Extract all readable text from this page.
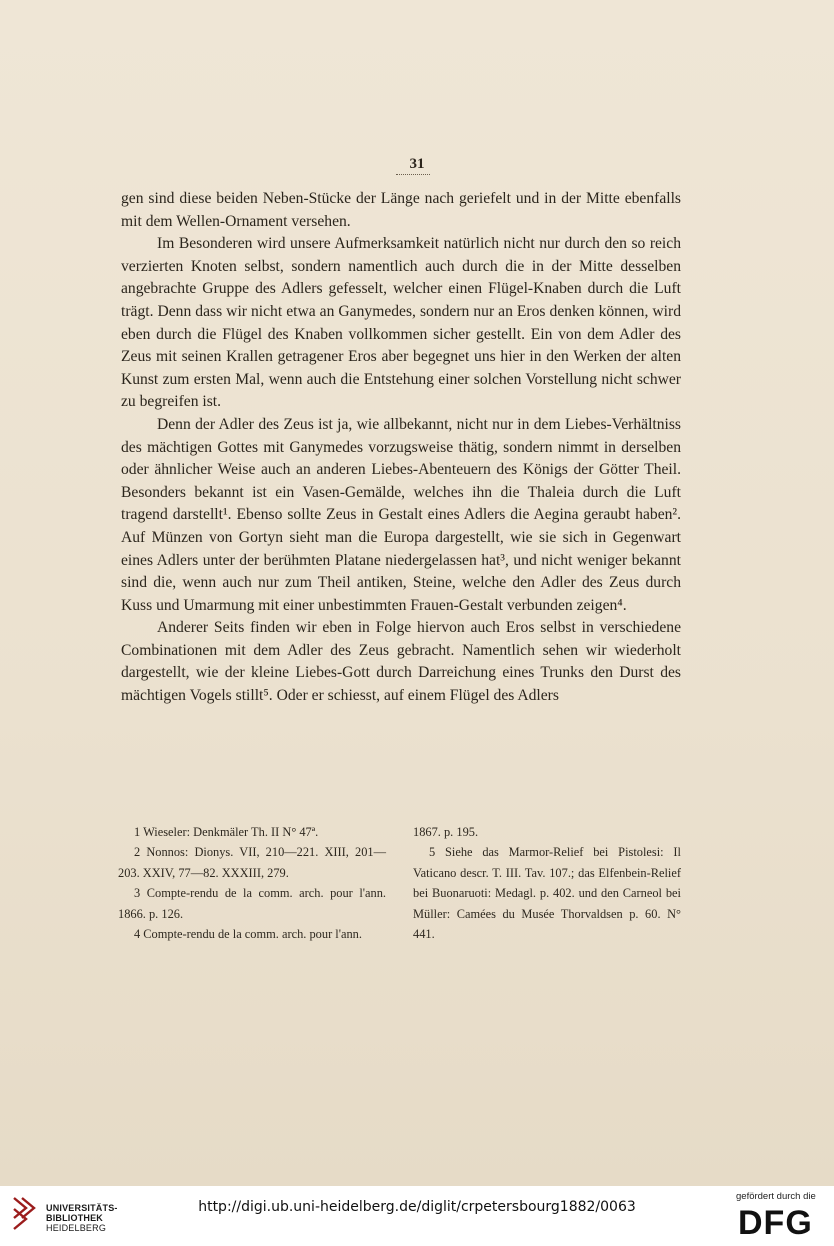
31

gen sind diese beiden Neben-Stücke der Länge nach geriefelt und in der Mitte ebenfalls mit dem Wellen-Ornament versehen.

Im Besonderen wird unsere Aufmerksamkeit natürlich nicht nur durch den so reich verzierten Knoten selbst, sondern namentlich auch durch die in der Mitte desselben angebrachte Gruppe des Adlers gefesselt, welcher einen Flügel-Knaben durch die Luft trägt. Denn dass wir nicht etwa an Ganymedes, sondern nur an Eros denken können, wird eben durch die Flügel des Knaben vollkommen sicher gestellt. Ein von dem Adler des Zeus mit seinen Krallen getragener Eros aber begegnet uns hier in den Werken der alten Kunst zum ersten Mal, wenn auch die Entstehung einer solchen Vorstellung nicht schwer zu begreifen ist.

Denn der Adler des Zeus ist ja, wie allbekannt, nicht nur in dem Liebes-Verhältniss des mächtigen Gottes mit Ganymedes vorzugsweise thätig, sondern nimmt in derselben oder ähnlicher Weise auch an anderen Liebes-Abenteuern des Königs der Götter Theil. Besonders bekannt ist ein Vasen-Gemälde, welches ihn die Thaleia durch die Luft tragend darstellt¹. Ebenso sollte Zeus in Gestalt eines Adlers die Aegina geraubt haben². Auf Münzen von Gortyn sieht man die Europa dargestellt, wie sie sich in Gegenwart eines Adlers unter der berühmten Platane niedergelassen hat³, und nicht weniger bekannt sind die, wenn auch nur zum Theil antiken, Steine, welche den Adler des Zeus durch Kuss und Umarmung mit einer unbestimmten Frauen-Gestalt verbunden zeigen⁴.

Anderer Seits finden wir eben in Folge hiervon auch Eros selbst in verschiedene Combinationen mit dem Adler des Zeus gebracht. Namentlich sehen wir wiederholt dargestellt, wie der kleine Liebes-Gott durch Darreichung eines Trunks den Durst des mächtigen Vogels stillt⁵. Oder er schiesst, auf einem Flügel des Adlers

1 Wieseler: Denkmäler Th. II N° 47ª.

2 Nonnos: Dionys. VII, 210—221. XIII, 201—203. XXIV, 77—82. XXXIII, 279.

3 Compte-rendu de la comm. arch. pour l'ann. 1866. p. 126.

4 Compte-rendu de la comm. arch. pour l'ann.

1867. p. 195.

5 Siehe das Marmor-Relief bei Pistolesi: Il Vaticano descr. T. III. Tav. 107.; das Elfenbein-Relief bei Buonaruoti: Medagl. p. 402. und den Carneol bei Müller: Camées du Musée Thorvaldsen p. 60. N° 441.

UNIVERSITÄTS-
BIBLIOTHEK
HEIDELBERG
http://digi.ub.uni-heidelberg.de/diglit/crpetersbourg1882/0063
gefördert durch die
DFG
